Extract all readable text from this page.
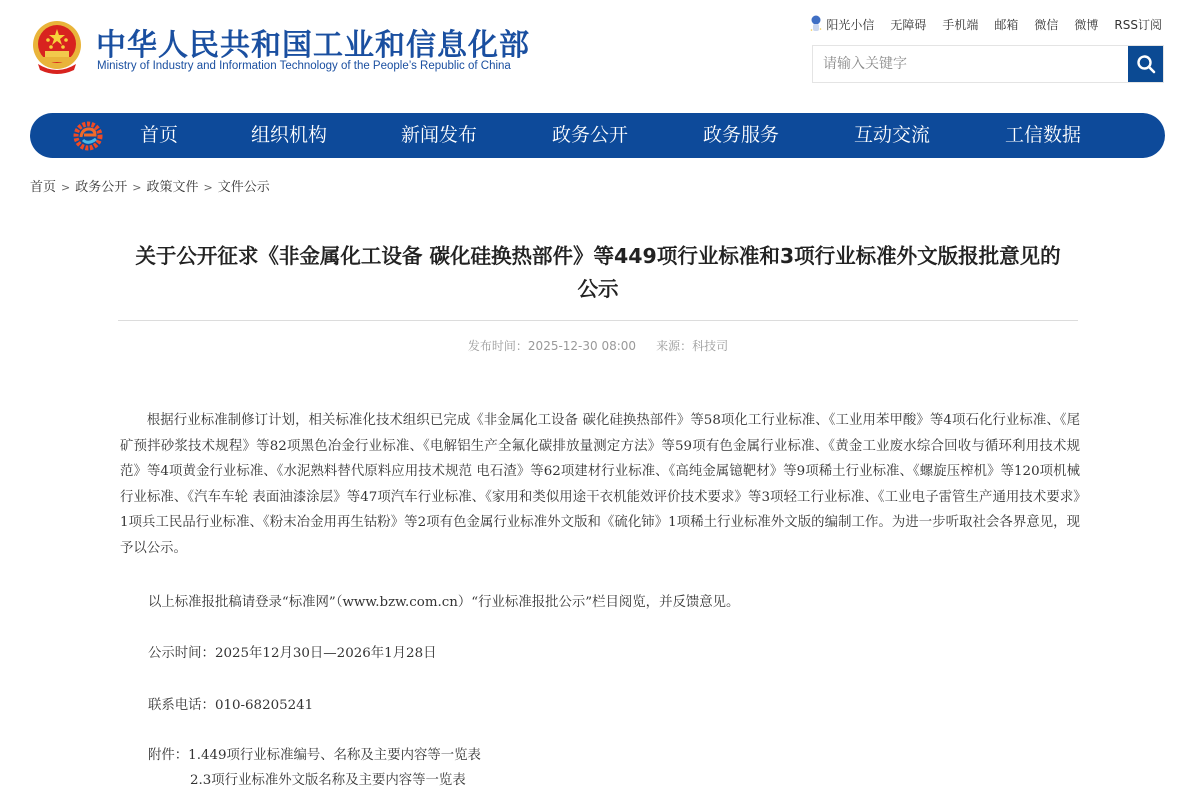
中华人民共和国工业和信息化部
Ministry of Industry and Information Technology of the People’s Republic of China
阳光小信 无障碍 手机端 邮箱 微信 微博 RSS订阅
请输入关键字
首页	组织机构	新闻发布	政务公开	政务服务	互动交流	工信数据
首页 > 政务公开 > 政策文件 > 文件公示
关于公开征求《非金属化工设备 碳化硅换热部件》等449项行业标准和3项行业标准外文版报批意见的
公示
发布时间：2025-12-30 08:00 来源：科技司

根据行业标准制修订计划，相关标准化技术组织已完成《非金属化工设备 碳化硅换热部件》等58项化工行业标准、《工业用苯甲酸》等4项石化行业标准、《尾矿预拌砂浆技术规程》等82项黑色冶金行业标准、《电解铝生产全氟化碳排放量测定方法》等59项有色金属行业标准、《黄金工业废水综合回收与循环利用技术规范》等4项黄金行业标准、《水泥熟料替代原料应用技术规范 电石渣》等62项建材行业标准、《高纯金属镱靶材》等9项稀土行业标准、《螺旋压榨机》等120项机械行业标准、《汽车车轮 表面油漆涂层》等47项汽车行业标准、《家用和类似用途干衣机能效评价技术要求》等3项轻工行业标准、《工业电子雷管生产通用技术要求》1项兵工民品行业标准、《粉末冶金用再生钴粉》等2项有色金属行业标准外文版和《硫化铈》1项稀土行业标准外文版的编制工作。为进一步听取社会各界意见，现予以公示。

以上标准报批稿请登录“标准网”（www.bzw.com.cn）“行业标准报批公示”栏目阅览，并反馈意见。
公示时间：2025年12月30日—2026年1月28日
联系电话：010-68205241
附件：1.449项行业标准编号、名称及主要内容等一览表
2.3项行业标准外文版名称及主要内容等一览表
